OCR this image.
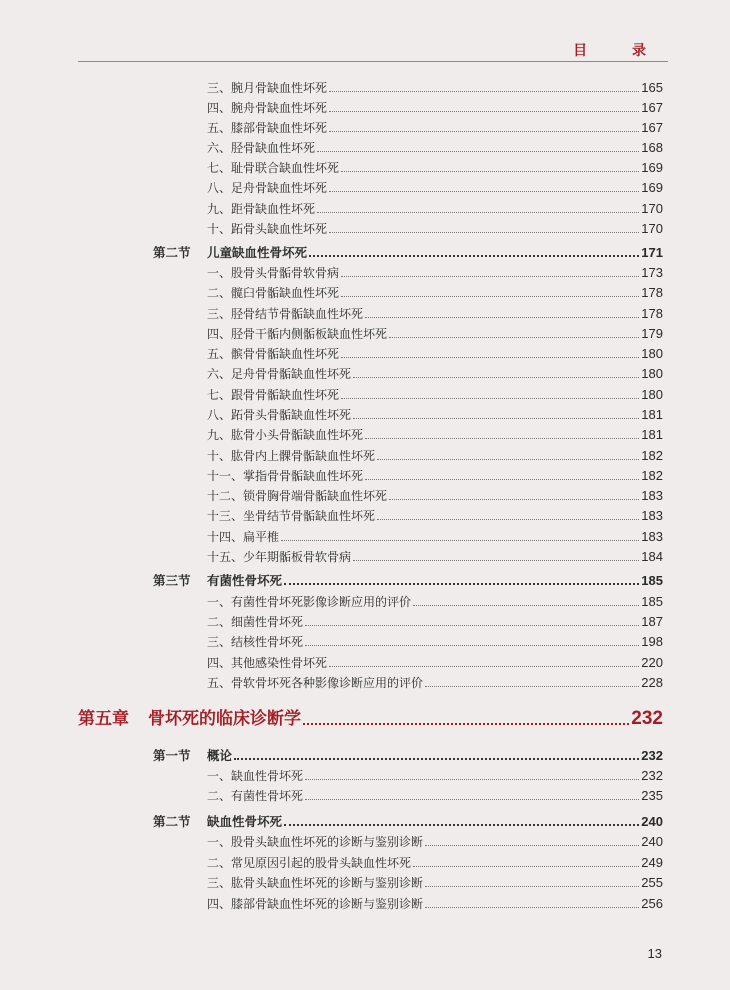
目 录
三、腕月骨缺血性坏死	165
四、腕舟骨缺血性坏死	167
五、膝部骨缺血性坏死	167
六、胫骨缺血性坏死	168
七、耻骨联合缺血性坏死	169
八、足舟骨缺血性坏死	169
九、距骨缺血性坏死	170
十、跖骨头缺血性坏死	170
第二节 儿童缺血性骨坏死	171
一、股骨头骨骺骨软骨病	173
二、髋臼骨骺缺血性坏死	178
三、胫骨结节骨骺缺血性坏死	178
四、胫骨干骺内侧骺板缺血性坏死	179
五、髌骨骨骺缺血性坏死	180
六、足舟骨骨骺缺血性坏死	180
七、跟骨骨骺缺血性坏死	180
八、跖骨头骨骺缺血性坏死	181
九、肱骨小头骨骺缺血性坏死	181
十、肱骨内上髁骨骺缺血性坏死	182
十一、掌指骨骨骺缺血性坏死	182
十二、锁骨胸骨端骨骺缺血性坏死	183
十三、坐骨结节骨骺缺血性坏死	183
十四、扁平椎	183
十五、少年期骺板骨软骨病	184
第三节 有菌性骨坏死	185
一、有菌性骨坏死影像诊断应用的评价	185
二、细菌性骨坏死	187
三、结核性骨坏死	198
四、其他感染性骨坏死	220
五、骨软骨坏死各种影像诊断应用的评价	228
第五章 骨坏死的临床诊断学	232
第一节 概论	232
一、缺血性骨坏死	232
二、有菌性骨坏死	235
第二节 缺血性骨坏死	240
一、股骨头缺血性坏死的诊断与鉴别诊断	240
二、常见原因引起的股骨头缺血性坏死	249
三、肱骨头缺血性坏死的诊断与鉴别诊断	255
四、膝部骨缺血性坏死的诊断与鉴别诊断	256
13
